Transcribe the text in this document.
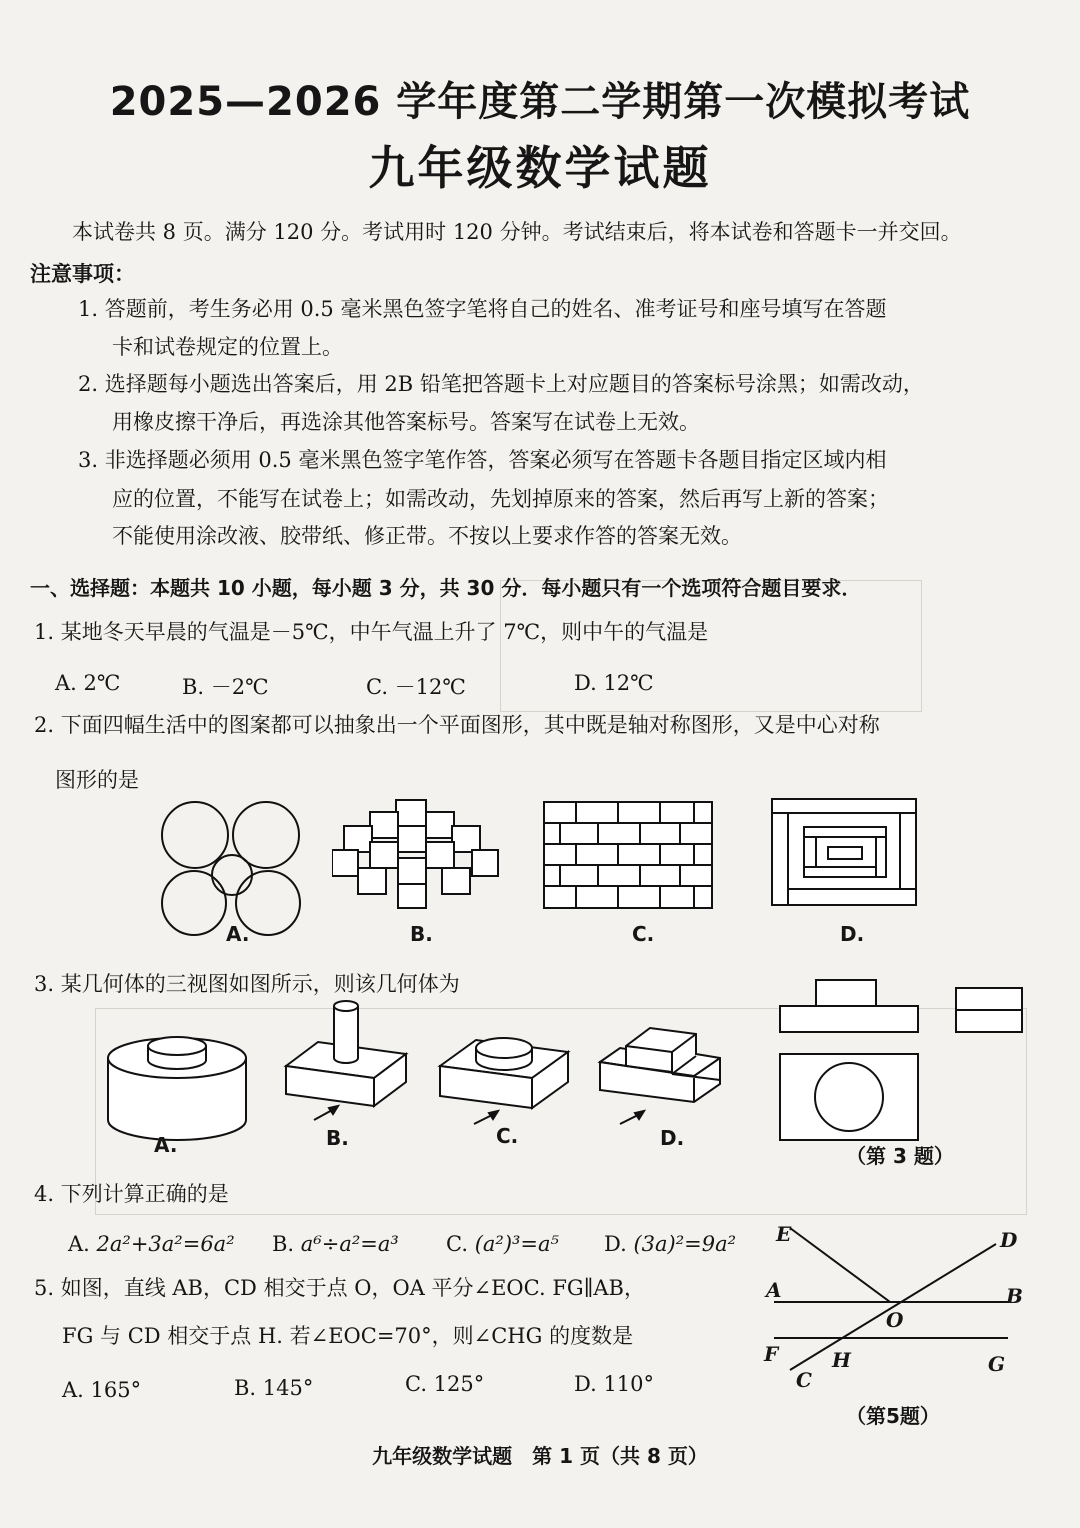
2025—2026 学年度第二学期第一次模拟考试
九年级数学试题
本试卷共 8 页。满分 120 分。考试用时 120 分钟。考试结束后，将本试卷和答题卡一并交回。
注意事项：
1. 答题前，考生务必用 0.5 毫米黑色签字笔将自己的姓名、准考证号和座号填写在答题
卡和试卷规定的位置上。
2. 选择题每小题选出答案后，用 2B 铅笔把答题卡上对应题目的答案标号涂黑；如需改动，
用橡皮擦干净后，再选涂其他答案标号。答案写在试卷上无效。
3. 非选择题必须用 0.5 毫米黑色签字笔作答，答案必须写在答题卡各题目指定区域内相
应的位置，不能写在试卷上；如需改动，先划掉原来的答案，然后再写上新的答案；
不能使用涂改液、胶带纸、修正带。不按以上要求作答的答案无效。
一、选择题：本题共 10 小题，每小题 3 分，共 30 分．每小题只有一个选项符合题目要求．
1. 某地冬天早晨的气温是－5℃，中午气温上升了 7℃，则中午的气温是
A. 2℃	B. －2℃	C. －12℃	D. 12℃
2. 下面四幅生活中的图案都可以抽象出一个平面图形，其中既是轴对称图形，又是中心对称
图形的是
A.	B.	C.	D.
3. 某几何体的三视图如图所示，则该几何体为
A.	B.	C.	D.
（第 3 题）
4. 下列计算正确的是
A. 2a²+3a²=6a² B. a⁶÷a²=a³ C. (a²)³=a⁵ D. (3a)²=9a²
5. 如图，直线 AB，CD 相交于点 O，OA 平分∠EOC. FG∥AB，
FG 与 CD 相交于点 H. 若∠EOC=70°，则∠CHG 的度数是
A. 165°	B. 145°	C. 125°	D. 110°
E	D
A	B
O
F	H	G
C
（第5题）
九年级数学试题　第 1 页（共 8 页）
